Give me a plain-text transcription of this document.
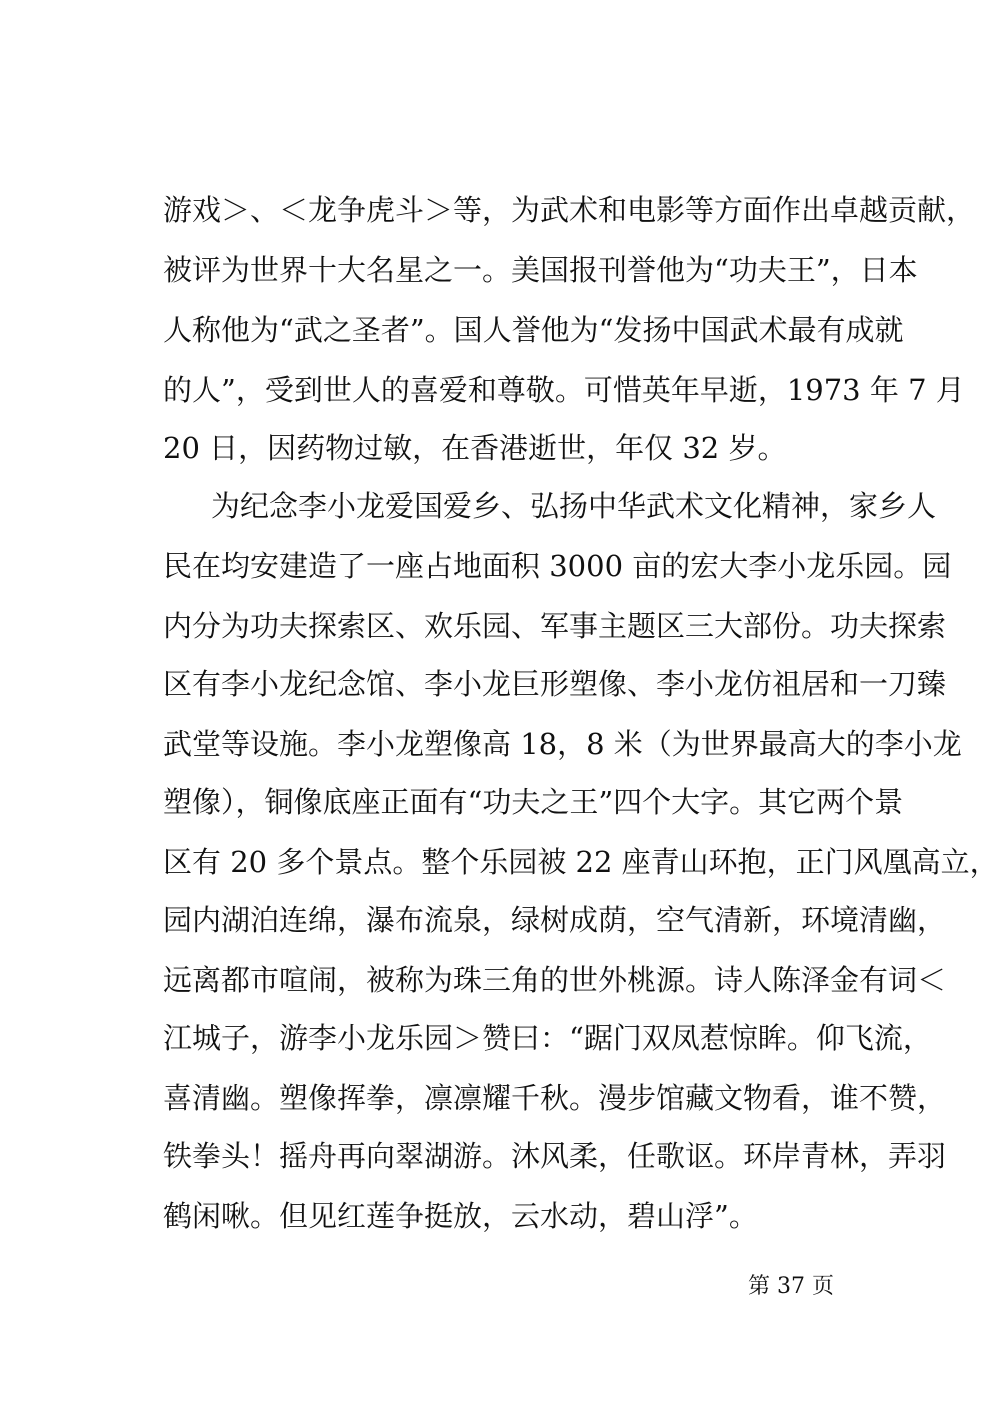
游戏＞、＜龙争虎斗＞等，为武术和电影等方面作出卓越贡献，
被评为世界十大名星之一。美国报刊誉他为“功夫王”，日本
人称他为“武之圣者”。国人誉他为“发扬中国武术最有成就
的人”，受到世人的喜爱和尊敬。可惜英年早逝，1973 年 7 月
20 日，因药物过敏，在香港逝世，年仅 32 岁。
为纪念李小龙爱国爱乡、弘扬中华武术文化精神，家乡人
民在均安建造了一座占地面积 3000 亩的宏大李小龙乐园。园
内分为功夫探索区、欢乐园、军事主题区三大部份。功夫探索
区有李小龙纪念馆、李小龙巨形塑像、李小龙仿祖居和一刀臻
武堂等设施。李小龙塑像高 18，8 米（为世界最高大的李小龙
塑像），铜像底座正面有“功夫之王”四个大字。其它两个景
区有 20 多个景点。整个乐园被 22 座青山环抱，正门风凰高立，
园内湖泊连绵，瀑布流泉，绿树成荫，空气清新，环境清幽，
远离都市喧闹，被称为珠三角的世外桃源。诗人陈泽金有词＜
江城子，游李小龙乐园＞赞曰：“踞门双凤惹惊眸。仰飞流，
喜清幽。塑像挥拳，凛凛耀千秋。漫步馆藏文物看，谁不赞，
铁拳头！摇舟再向翠湖游。沐风柔，任歌讴。环岸青林，弄羽
鹤闲啾。但见红莲争挺放，云水动，碧山浮”。
第 37 页
